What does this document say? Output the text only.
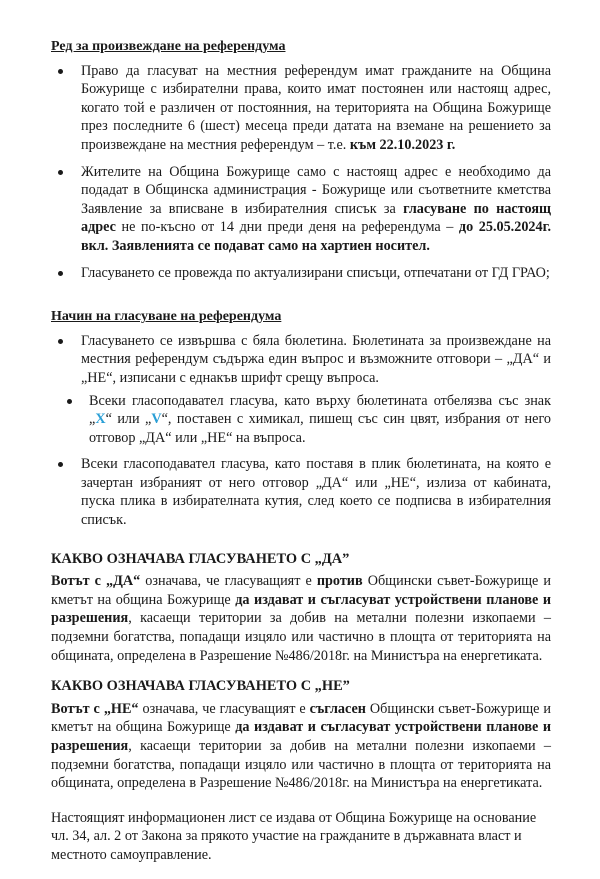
Ред за произвеждане на референдума
Право да гласуват на местния референдум имат гражданите на Община Божурище с избирателни права, които имат постоянен или настоящ адрес, когато той е различен от постоянния, на територията на Община Божурище през последните 6 (шест) месеца преди датата на вземане на решението за произвеждане на местния референдум – т.е. към 22.10.2023 г.
Жителите на Община Божурище само с настоящ адрес е необходимо да подадат в Общинска администрация - Божурище или съответните кметства Заявление за вписване в избирателния списък за гласуване по настоящ адрес не по-късно от 14 дни преди деня на референдума – до 25.05.2024г. вкл. Заявленията се подават само на хартиен носител.
Гласуването се провежда по актуализирани списъци, отпечатани от ГД ГРАО;
Начин на гласуване на референдума
Гласуването се извършва с бяла бюлетина. Бюлетината за произвеждане на местния референдум съдържа един въпрос и възможните отговори – „ДА“ и „НЕ“, изписани с еднакъв шрифт срещу въпроса.
Всеки гласоподавател гласува, като върху бюлетината отбелязва със знак „X“ или „V“, поставен с химикал, пишещ със син цвят, избрания от него отговор „ДА“ или „НЕ“ на въпроса.
Всеки гласоподавател гласува, като поставя в плик бюлетината, на която е зачертан избраният от него отговор „ДА“ или „НЕ“, излиза от кабината, пуска плика в избирателната кутия, след което се подписва в избирателния списък.
КАКВО ОЗНАЧАВА ГЛАСУВАНЕТО С „ДА”

Вотът с „ДА“ означава, че гласуващият е против Общински съвет-Божурище и кметът на община Божурище да издават и съгласуват устройствени планове и разрешения, касаещи територии за добив на метални полезни изкопаеми – подземни богатства, попадащи изцяло или частично в площта от територията на общината, определена в Разрешение №486/2018г. на Министъра на енергетиката.

КАКВО ОЗНАЧАВА ГЛАСУВАНЕТО С „НЕ”

Вотът с „НЕ“ означава, че гласуващият е съгласен Общински съвет-Божурище и кметът на община Божурище да издават и съгласуват устройствени планове и разрешения, касаещи територии за добив на метални полезни изкопаеми – подземни богатства, попадащи изцяло или частично в площта от територията на общината, определена в Разрешение №486/2018г. на Министъра на енергетиката.

Настоящият информационен лист се издава от Община Божурище на основание чл. 34, ал. 2 от Закона за прякото участие на гражданите в държавната власт и местното самоуправление.
